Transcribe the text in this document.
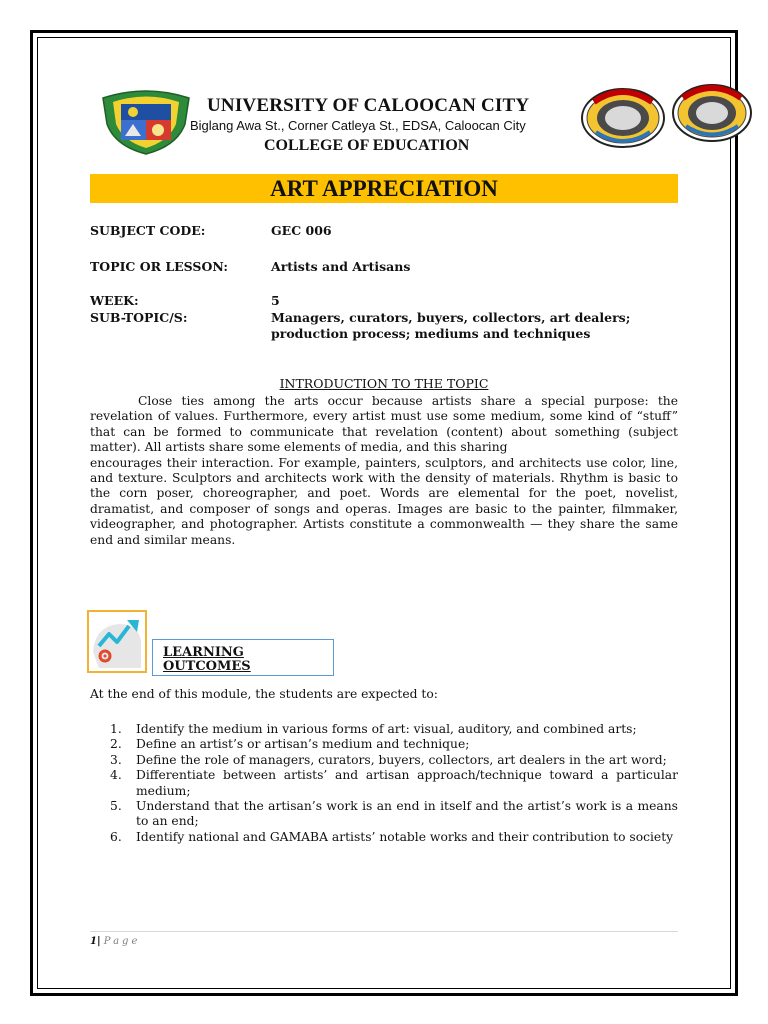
UNIVERSITY OF CALOOCAN CITY
Biglang Awa St., Corner Catleya St., EDSA, Caloocan City
COLLEGE OF EDUCATION
ART APPRECIATION
SUBJECT CODE:	GEC 006
TOPIC OR LESSON:	Artists and Artisans
WEEK:	5
SUB-TOPIC/S:	Managers, curators, buyers, collectors, art dealers; production process; mediums and techniques
INTRODUCTION TO THE TOPIC

Close ties among the arts occur because artists share a special purpose: the revelation of values. Furthermore, every artist must use some medium, some kind of “stuff” that can be formed to communicate that revelation (content) about something (subject matter). All artists share some elements of media, and this sharing

encourages their interaction. For example, painters, sculptors, and architects use color, line, and texture. Sculptors and architects work with the density of materials. Rhythm is basic to the corn poser, choreographer, and poet. Words are elemental for the poet, novelist, dramatist, and composer of songs and operas. Images are basic to the painter, filmmaker, videographer, and photographer. Artists constitute a commonwealth — they share the same end and similar means.

LEARNING
OUTCOMES
At the end of this module, the students are expected to:
1. Identify the medium in various forms of art: visual, auditory, and combined arts;
2. Define an artist’s or artisan’s medium and technique;
3. Define the role of managers, curators, buyers, collectors, art dealers in the art word;
4. Differentiate between artists’ and artisan approach/technique toward a particular medium;
5. Understand that the artisan’s work is an end in itself and the artist’s work is a means to an end;
6. Identify national and GAMABA artists’ notable works and their contribution to society
1| Page
